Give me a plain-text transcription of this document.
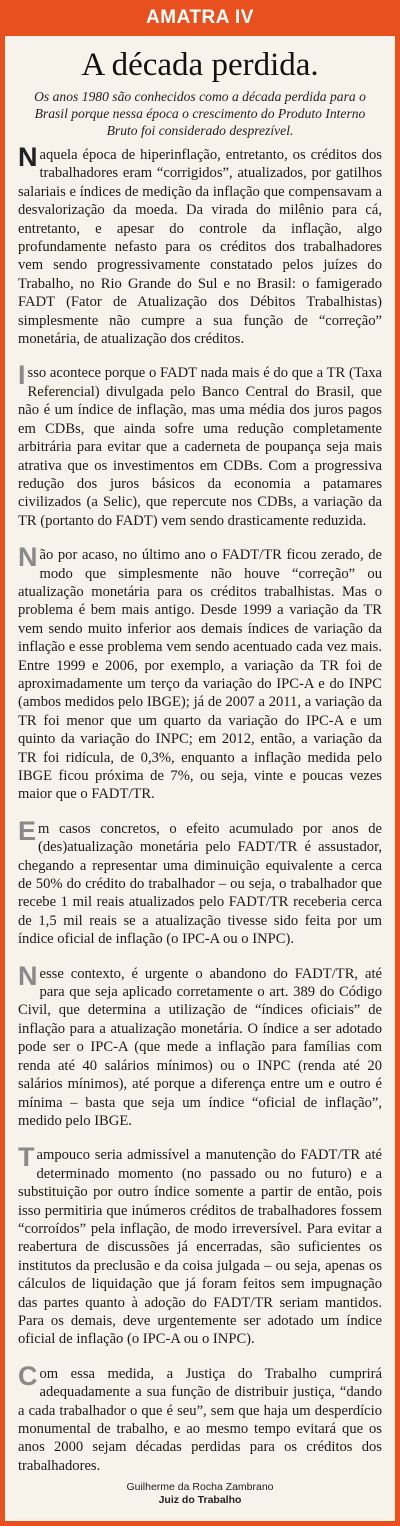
AMATRA IV
A década perdida.

Os anos 1980 são conhecidos como a década perdida para o Brasil porque nessa época o crescimento do Produto Interno Bruto foi considerado desprezível.

Naquela época de hiperinflação, entretanto, os créditos dos trabalhadores eram “corrigidos”, atualizados, por gatilhos salariais e índices de medição da inflação que compensavam a desvalorização da moeda. Da virada do milênio para cá, entretanto, e apesar do controle da inflação, algo profundamente nefasto para os créditos dos trabalhadores vem sendo progressivamente constatado pelos juízes do Trabalho, no Rio Grande do Sul e no Brasil: o famigerado FADT (Fator de Atualização dos Débitos Trabalhistas) simplesmente não cumpre a sua função de “correção” monetária, de atualização dos créditos.

Isso acontece porque o FADT nada mais é do que a TR (Taxa Referencial) divulgada pelo Banco Central do Brasil, que não é um índice de inflação, mas uma média dos juros pagos em CDBs, que ainda sofre uma redução completamente arbitrária para evitar que a caderneta de poupança seja mais atrativa que os investimentos em CDBs. Com a progressiva redução dos juros básicos da economia a patamares civilizados (a Selic), que repercute nos CDBs, a variação da TR (portanto do FADT) vem sendo drasticamente reduzida.

Não por acaso, no último ano o FADT/TR ficou zerado, de modo que simplesmente não houve “correção” ou atualização monetária para os créditos trabalhistas. Mas o problema é bem mais antigo. Desde 1999 a variação da TR vem sendo muito inferior aos demais índices de variação da inflação e esse problema vem sendo acentuado cada vez mais. Entre 1999 e 2006, por exemplo, a variação da TR foi de aproximadamente um terço da variação do IPC-A e do INPC (ambos medidos pelo IBGE); já de 2007 a 2011, a variação da TR foi menor que um quarto da variação do IPC-A e um quinto da variação do INPC; em 2012, então, a variação da TR foi ridícula, de 0,3%, enquanto a inflação medida pelo IBGE ficou próxima de 7%, ou seja, vinte e poucas vezes maior que o FADT/TR.

Em casos concretos, o efeito acumulado por anos de (des)atualização monetária pelo FADT/TR é assustador, chegando a representar uma diminuição equivalente a cerca de 50% do crédito do trabalhador – ou seja, o trabalhador que recebe 1 mil reais atualizados pelo FADT/TR receberia cerca de 1,5 mil reais se a atualização tivesse sido feita por um índice oficial de inflação (o IPC-A ou o INPC).

Nesse contexto, é urgente o abandono do FADT/TR, até para que seja aplicado corretamente o art. 389 do Código Civil, que determina a utilização de “índices oficiais” de inflação para a atualização monetária. O índice a ser adotado pode ser o IPC-A (que mede a inflação para famílias com renda até 40 salários mínimos) ou o INPC (renda até 20 salários mínimos), até porque a diferença entre um e outro é mínima – basta que seja um índice “oficial de inflação”, medido pelo IBGE.

Tampouco seria admissível a manutenção do FADT/TR até determinado momento (no passado ou no futuro) e a substituição por outro índice somente a partir de então, pois isso permitiria que inúmeros créditos de trabalhadores fossem “corroídos” pela inflação, de modo irreversível. Para evitar a reabertura de discussões já encerradas, são suficientes os institutos da preclusão e da coisa julgada – ou seja, apenas os cálculos de liquidação que já foram feitos sem impugnação das partes quanto à adoção do FADT/TR seriam mantidos. Para os demais, deve urgentemente ser adotado um índice oficial de inflação (o IPC-A ou o INPC).

Com essa medida, a Justiça do Trabalho cumprirá adequadamente a sua função de distribuir justiça, “dando a cada trabalhador o que é seu”, sem que haja um desperdício monumental de trabalho, e ao mesmo tempo evitará que os anos 2000 sejam décadas perdidas para os créditos dos trabalhadores.

Guilherme da Rocha Zambrano
Juiz do Trabalho
